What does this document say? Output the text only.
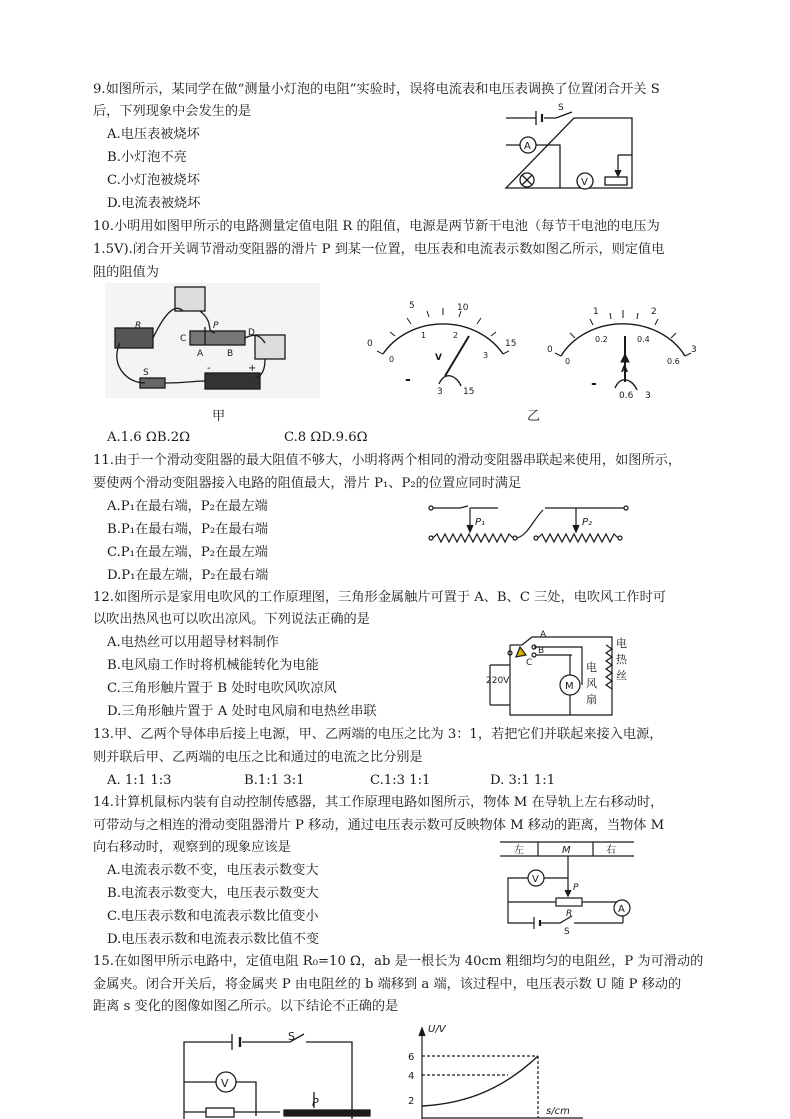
9.如图所示，某同学在做“测量小灯泡的电阻”实验时，误将电流表和电压表调换了位置闭合开关 S
后，下列现象中会发生的是
A.电压表被烧坏
B.小灯泡不亮
C.小灯泡被烧坏
D.电流表被烧坏
S
A
V
10.小明用如图甲所示的电路测量定值电阻 R 的阻值，电源是两节新干电池（每节干电池的电压为
1.5V).闭合开关调节滑动变阻器的滑片 P 到某一位置，电压表和电流表示数如图乙所示，则定值电
阻的阻值为
R
C
P
D
A	B
S	-	+
甲
5	10
0	15
0
1	2
3
V
-
3 15
1	2
0	3
0
0.2	0.4
0.6
A
-
0.6 3
乙
A.1.6 ΩB.2Ω	C.8 ΩD.9.6Ω
11.由于一个滑动变阻器的最大阻值不够大，小明将两个相同的滑动变阻器串联起来使用，如图所示，
要使两个滑动变阻器接入电路的阻值最大，滑片 P₁、P₂的位置应同时满足
A.P₁在最右端，P₂在最左端
B.P₁在最右端，P₂在最右端
C.P₁在最左端，P₂在最左端
D.P₁在最左端，P₂在最右端
P₁	P₂
12.如图所示是家用电吹风的工作原理图，三角形金属触片可置于 A、B、C 三处，电吹风工作时可
以吹出热风也可以吹出凉风。下列说法正确的是
A.电热丝可以用超导材料制作
B.电风扇工作时将机械能转化为电能
C.三角形触片置于 B 处时电吹风吹凉风
D.三角形触片置于 A 处时电风扇和电热丝串联
A
B
C
220V	M
电
风
扇
电
热
丝
13.甲、乙两个导体串后接上电源，甲、乙两端的电压之比为 3：1，若把它们并联起来接入电源，
则并联后甲、乙两端的电压之比和通过的电流之比分别是
A. 1:1 1:3	B.1:1 3:1	C.1:3 1:1	D. 3:1 1:1
14.计算机鼠标内装有自动控制传感器，其工作原理电路如图所示，物体 M 在导轨上左右移动时，
可带动与之相连的滑动变阻器滑片 P 移动，通过电压表示数可反映物体 M 移动的距离，当物体 M
向右移动时，观察到的现象应该是
A.电流表示数不变，电压表示数变大
B.电流表示数变大，电压表示数变大
C.电压表示数和电流表示数比值变小
D.电压表示数和电流表示数比值不变
左	M	右
V
P
R	A
S
15.在如图甲所示电路中，定值电阻 R₀=10 Ω，ab 是一根长为 40cm 粗细均匀的电阻丝，P 为可滑动的
金属夹。闭合开关后，将金属夹 P 由电阻丝的 b 端移到 a 端，该过程中，电压表示数 U 随 P 移动的
距离 s 变化的图像如图乙所示。以下结论不正确的是
S
V
P
U/V
6
4
2
s/cm
